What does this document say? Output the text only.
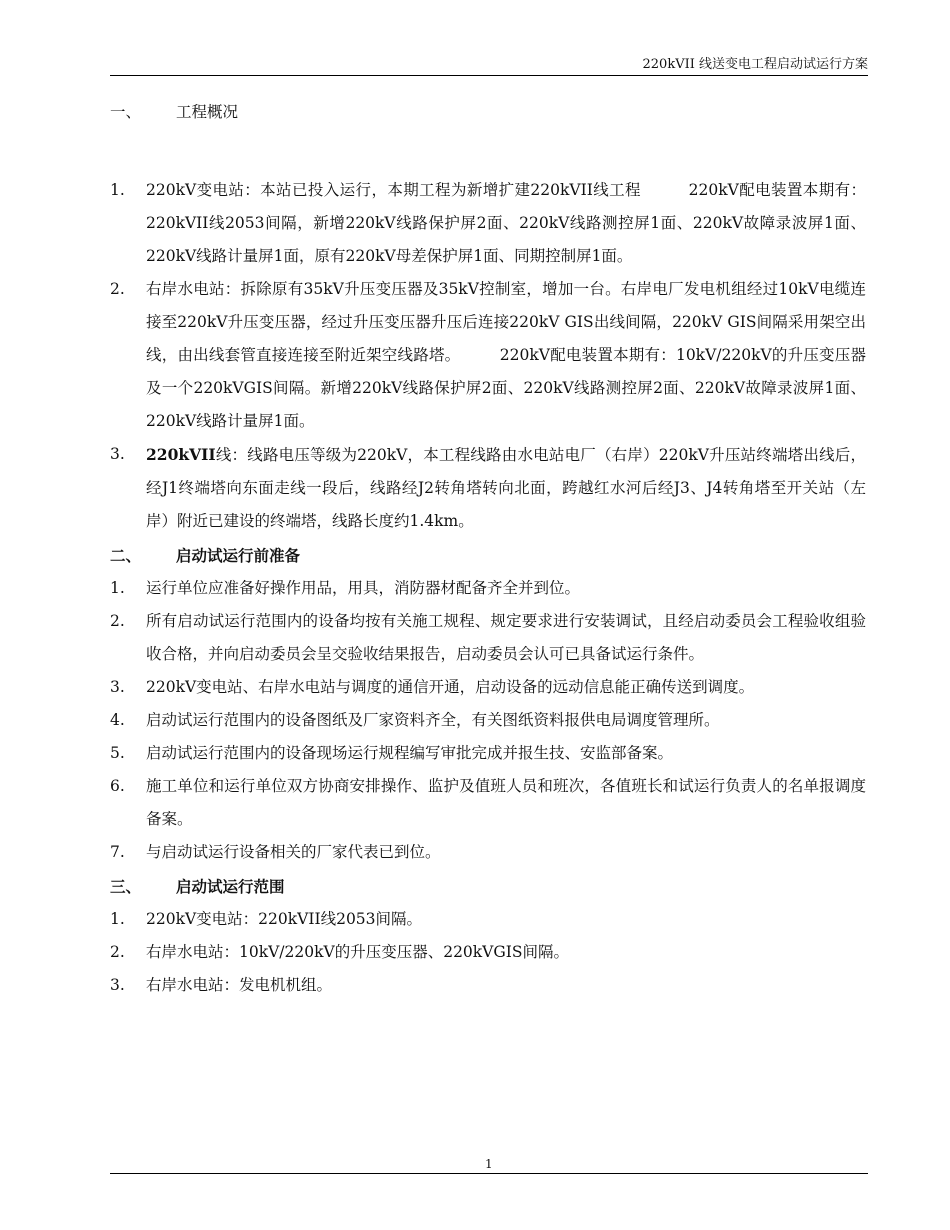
220kVII 线送变电工程启动试运行方案
一、	工程概况
1.	220kV变电站：本站已投入运行，本期工程为新增扩建220kVII线工程　　　220kV配电装置本期有：220kVII线2053间隔，新增220kV线路保护屏2面、220kV线路测控屏1面、220kV故障录波屏1面、220kV线路计量屏1面，原有220kV母差保护屏1面、同期控制屏1面。
2.	右岸水电站：拆除原有35kV升压变压器及35kV控制室，增加一台。右岸电厂发电机组经过10kV电缆连接至220kV升压变压器，经过升压变压器升压后连接220kV GIS出线间隔，220kV GIS间隔采用架空出线，由出线套管直接连接至附近架空线路塔。　　　220kV配电装置本期有：10kV/220kV的升压变压器及一个220kVGIS间隔。新增220kV线路保护屏2面、220kV线路测控屏2面、220kV故障录波屏1面、220kV线路计量屏1面。
3.	220kVII线：线路电压等级为220kV，本工程线路由水电站电厂（右岸）220kV升压站终端塔出线后，经J1终端塔向东面走线一段后，线路经J2转角塔转向北面，跨越红水河后经J3、J4转角塔至开关站（左岸）附近已建设的终端塔，线路长度约1.4km。
二、	启动试运行前准备
1.	运行单位应准备好操作用品，用具，消防器材配备齐全并到位。
2.	所有启动试运行范围内的设备均按有关施工规程、规定要求进行安装调试，且经启动委员会工程验收组验收合格，并向启动委员会呈交验收结果报告，启动委员会认可已具备试运行条件。
3.	220kV变电站、右岸水电站与调度的通信开通，启动设备的远动信息能正确传送到调度。
4.	启动试运行范围内的设备图纸及厂家资料齐全，有关图纸资料报供电局调度管理所。
5.	启动试运行范围内的设备现场运行规程编写审批完成并报生技、安监部备案。
6.	施工单位和运行单位双方协商安排操作、监护及值班人员和班次，各值班长和试运行负责人的名单报调度备案。
7.	与启动试运行设备相关的厂家代表已到位。
三、	启动试运行范围
1.	220kV变电站：220kVII线2053间隔。
2.	右岸水电站：10kV/220kV的升压变压器、220kVGIS间隔。
3.	右岸水电站：发电机机组。
1
